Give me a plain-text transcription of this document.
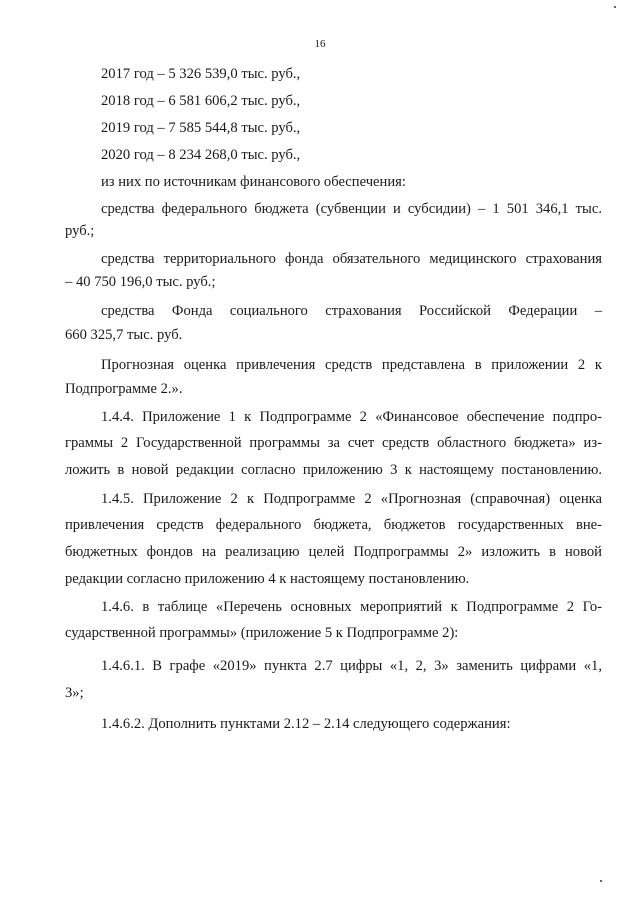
16
2017 год – 5 326 539,0 тыс. руб.,
2018 год – 6 581 606,2 тыс. руб.,
2019 год – 7 585 544,8 тыс. руб.,
2020 год – 8 234 268,0 тыс. руб.,
из них по источникам финансового обеспечения:
средства федерального бюджета (субвенции и субсидии) – 1 501 346,1 тыс.
руб.;
средства территориального фонда обязательного медицинского страхования
– 40 750 196,0 тыс. руб.;
средства Фонда социального страхования Российской Федерации –
660 325,7 тыс. руб.
Прогнозная оценка привлечения средств представлена в приложении 2 к
Подпрограмме 2.».
1.4.4. Приложение 1 к Подпрограмме 2 «Финансовое обеспечение подпро-
граммы 2 Государственной программы за счет средств областного бюджета» из-
ложить в новой редакции согласно приложению 3 к настоящему постановлению.
1.4.5. Приложение 2 к Подпрограмме 2 «Прогнозная (справочная) оценка
привлечения средств федерального бюджета, бюджетов государственных вне-
бюджетных фондов на реализацию целей Подпрограммы 2» изложить в новой
редакции согласно приложению 4 к настоящему постановлению.
1.4.6. в таблице «Перечень основных мероприятий к Подпрограмме 2 Го-
сударственной программы» (приложение 5 к Подпрограмме 2):
1.4.6.1. В графе «2019» пункта 2.7 цифры «1, 2, 3» заменить цифрами «1,
3»;
1.4.6.2. Дополнить пунктами 2.12 – 2.14 следующего содержания:
